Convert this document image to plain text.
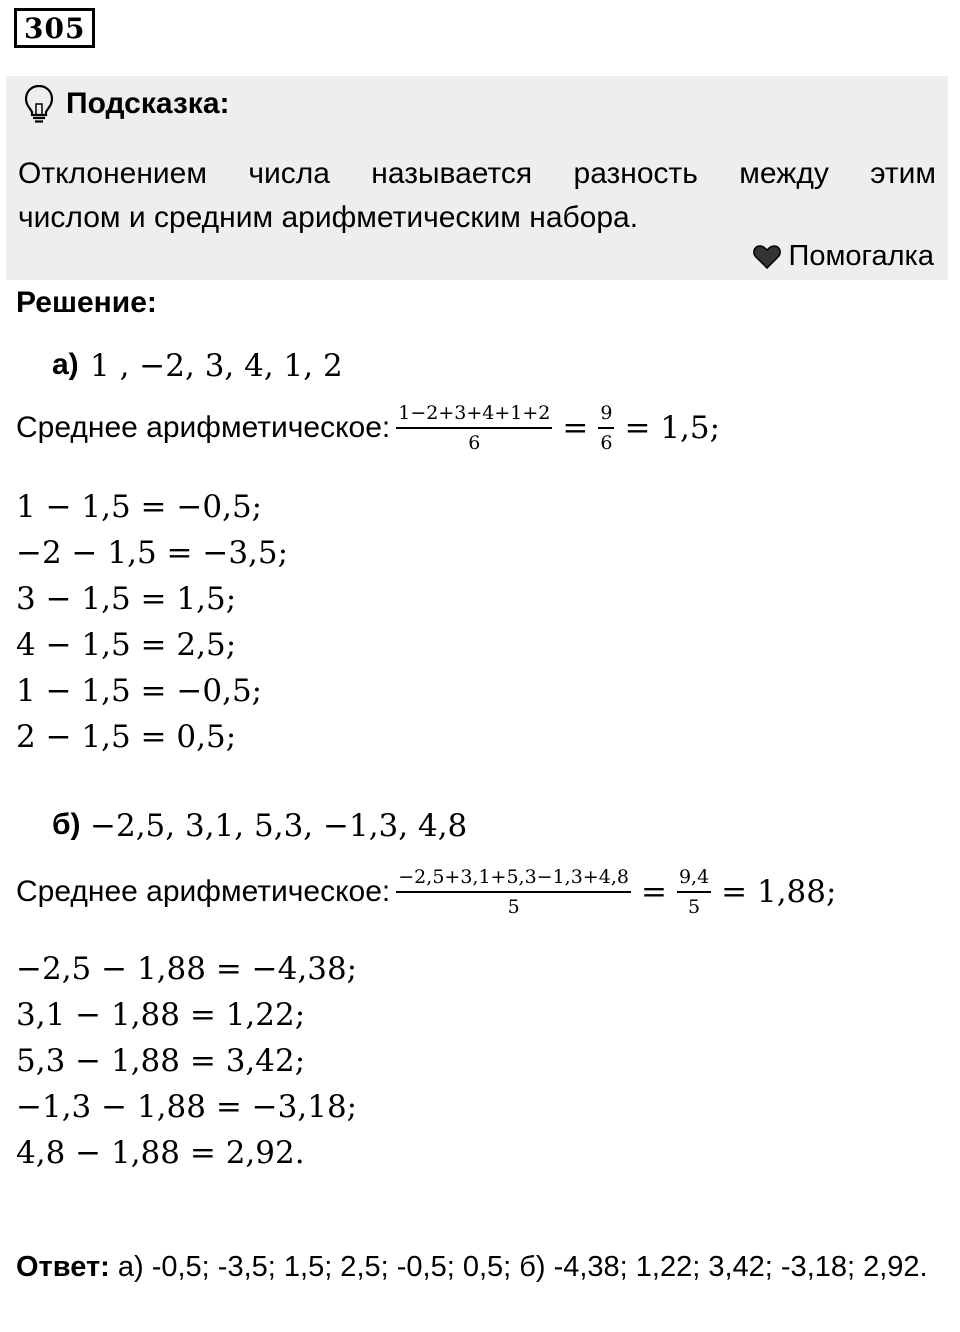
305
Подсказка:
Отклонением числа называется разность между этим
числом и средним арифметическим набора.
Помогалка
Решение:
а) 1 , −2, 3, 4, 1, 2
Среднее арифметическое: $\frac{1-2+3+4+1+2}{6} = \frac{9}{6} = 1,5$;
1 − 1,5 = −0,5;
−2 − 1,5 = −3,5;
3 − 1,5 = 1,5;
4 − 1,5 = 2,5;
1 − 1,5 = −0,5;
2 − 1,5 = 0,5;
б) −2,5, 3,1, 5,3, −1,3, 4,8
Среднее арифметическое: $\frac{-2,5+3,1+5,3-1,3+4,8}{5} = \frac{9,4}{5} = 1,88$;
−2,5 − 1,88 = −4,38;
3,1 − 1,88 = 1,22;
5,3 − 1,88 = 3,42;
−1,3 − 1,88 = −3,18;
4,8 − 1,88 = 2,92.
Ответ: а) -0,5; -3,5; 1,5; 2,5; -0,5; 0,5; б) -4,38; 1,22; 3,42; -3,18; 2,92.
